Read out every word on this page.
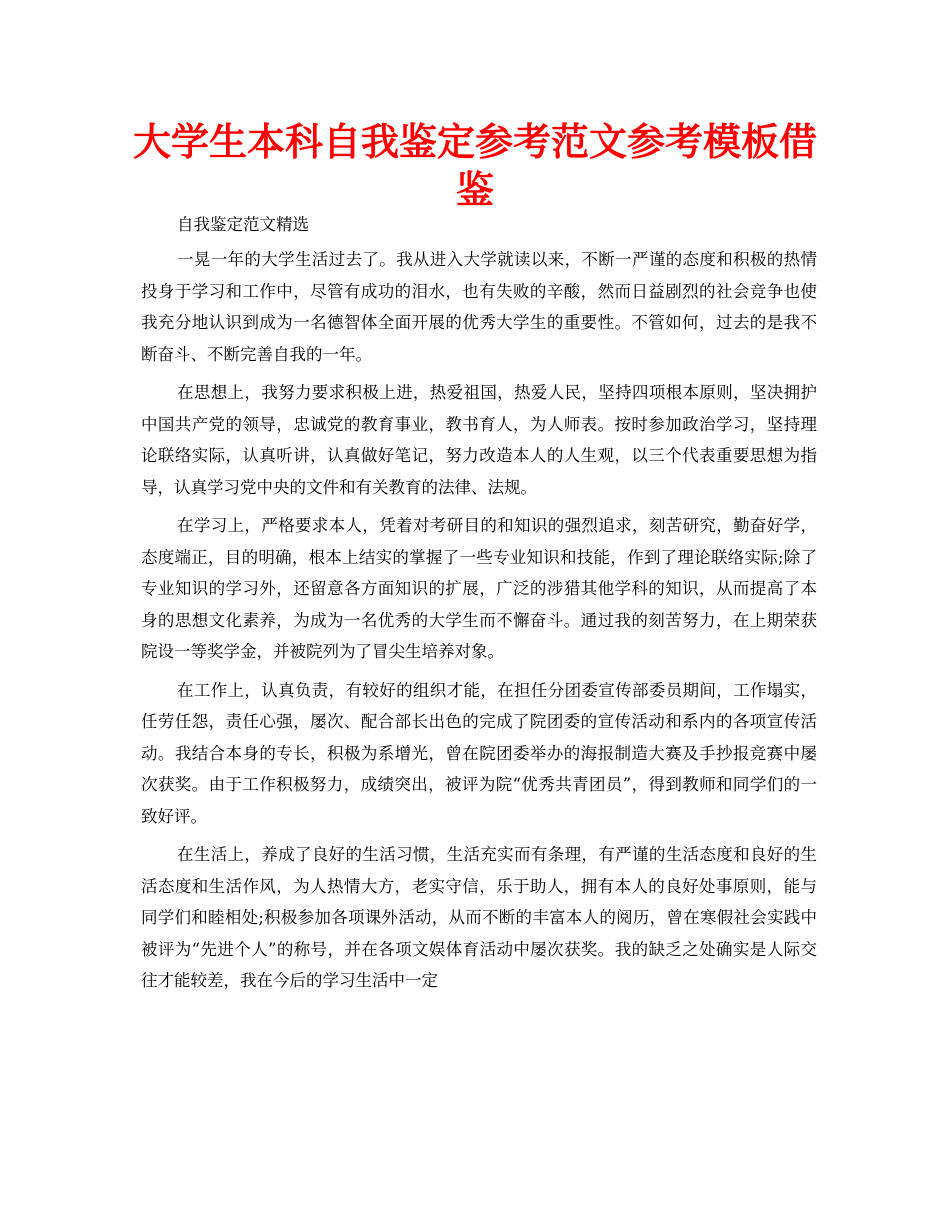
大学生本科自我鉴定参考范文参考模板借鉴

自我鉴定范文精选

一晃一年的大学生活过去了。我从进入大学就读以来，不断一严谨的态度和积极的热情投身于学习和工作中，尽管有成功的泪水，也有失败的辛酸，然而日益剧烈的社会竞争也使我充分地认识到成为一名德智体全面开展的优秀大学生的重要性。不管如何，过去的是我不断奋斗、不断完善自我的一年。

在思想上，我努力要求积极上进，热爱祖国，热爱人民，坚持四项根本原则，坚决拥护中国共产党的领导，忠诚党的教育事业，教书育人，为人师表。按时参加政治学习，坚持理论联络实际，认真听讲，认真做好笔记，努力改造本人的人生观，以三个代表重要思想为指导，认真学习党中央的文件和有关教育的法律、法规。

在学习上，严格要求本人，凭着对考研目的和知识的强烈追求，刻苦研究，勤奋好学，态度端正，目的明确，根本上结实的掌握了一些专业知识和技能，作到了理论联络实际;除了专业知识的学习外，还留意各方面知识的扩展，广泛的涉猎其他学科的知识，从而提高了本身的思想文化素养，为成为一名优秀的大学生而不懈奋斗。通过我的刻苦努力，在上期荣获院设一等奖学金，并被院列为了冒尖生培养对象。

在工作上，认真负责，有较好的组织才能，在担任分团委宣传部委员期间，工作塌实，任劳任怨，责任心强，屡次、配合部长出色的完成了院团委的宣传活动和系内的各项宣传活动。我结合本身的专长，积极为系增光，曾在院团委举办的海报制造大赛及手抄报竞赛中屡次获奖。由于工作积极努力，成绩突出，被评为院“优秀共青团员”，得到教师和同学们的一致好评。

在生活上，养成了良好的生活习惯，生活充实而有条理，有严谨的生活态度和良好的生活态度和生活作风，为人热情大方，老实守信，乐于助人，拥有本人的良好处事原则，能与同学们和睦相处;积极参加各项课外活动，从而不断的丰富本人的阅历，曾在寒假社会实践中被评为“先进个人”的称号，并在各项文娱体育活动中屡次获奖。我的缺乏之处确实是人际交往才能较差，我在今后的学习生活中一定
